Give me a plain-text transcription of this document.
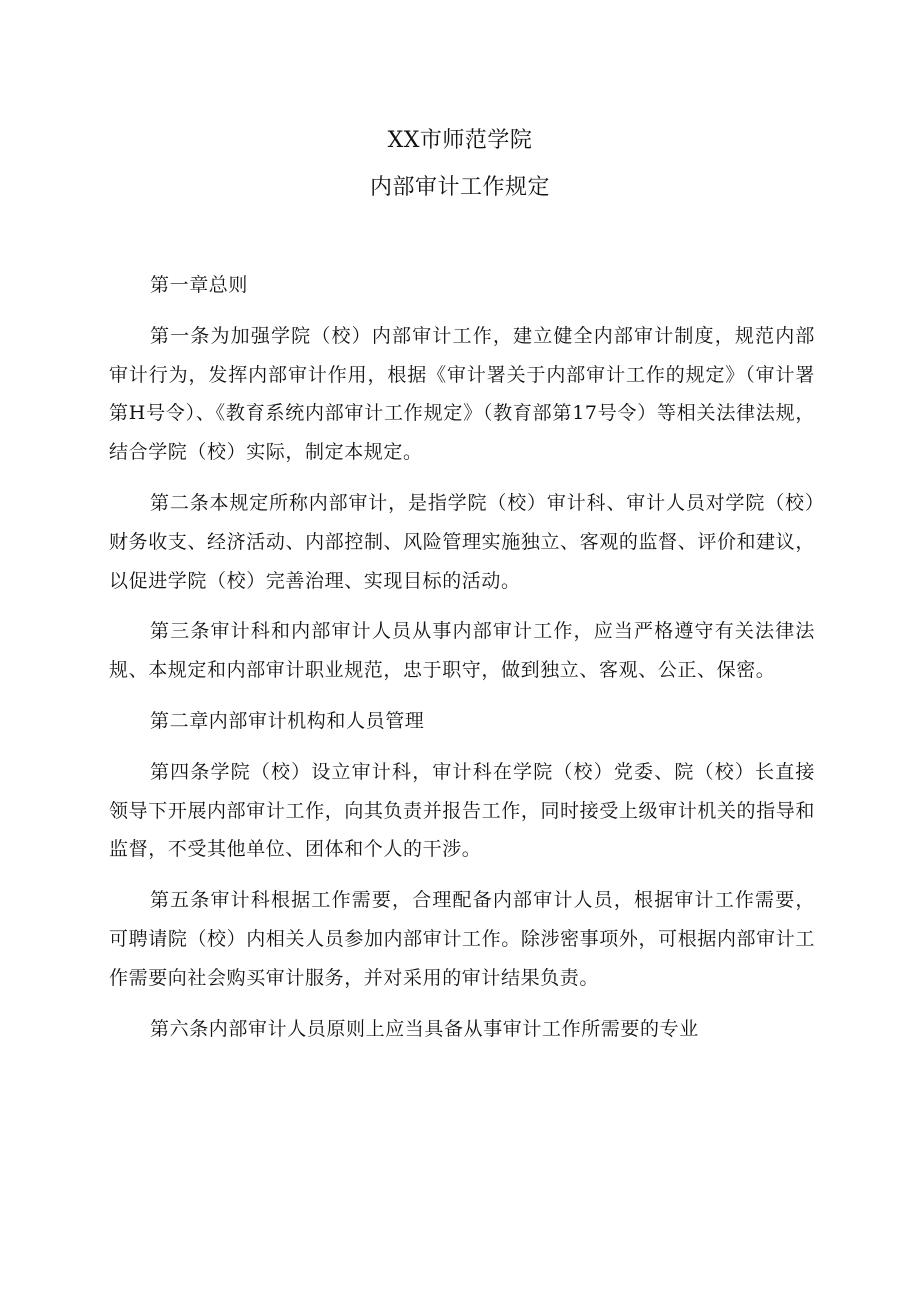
XX市师范学院
内部审计工作规定

第一章总则

第一条为加强学院（校）内部审计工作，建立健全内部审计制度，规范内部审计行为，发挥内部审计作用，根据《审计署关于内部审计工作的规定》（审计署第H号令）、《教育系统内部审计工作规定》（教育部第17号令）等相关法律法规，结合学院（校）实际，制定本规定。

第二条本规定所称内部审计，是指学院（校）审计科、审计人员对学院（校）财务收支、经济活动、内部控制、风险管理实施独立、客观的监督、评价和建议，以促进学院（校）完善治理、实现目标的活动。

第三条审计科和内部审计人员从事内部审计工作，应当严格遵守有关法律法规、本规定和内部审计职业规范，忠于职守，做到独立、客观、公正、保密。

第二章内部审计机构和人员管理

第四条学院（校）设立审计科，审计科在学院（校）党委、院（校）长直接领导下开展内部审计工作，向其负责并报告工作，同时接受上级审计机关的指导和监督，不受其他单位、团体和个人的干涉。

第五条审计科根据工作需要，合理配备内部审计人员，根据审计工作需要，可聘请院（校）内相关人员参加内部审计工作。除涉密事项外，可根据内部审计工作需要向社会购买审计服务，并对采用的审计结果负责。

第六条内部审计人员原则上应当具备从事审计工作所需要的专业
